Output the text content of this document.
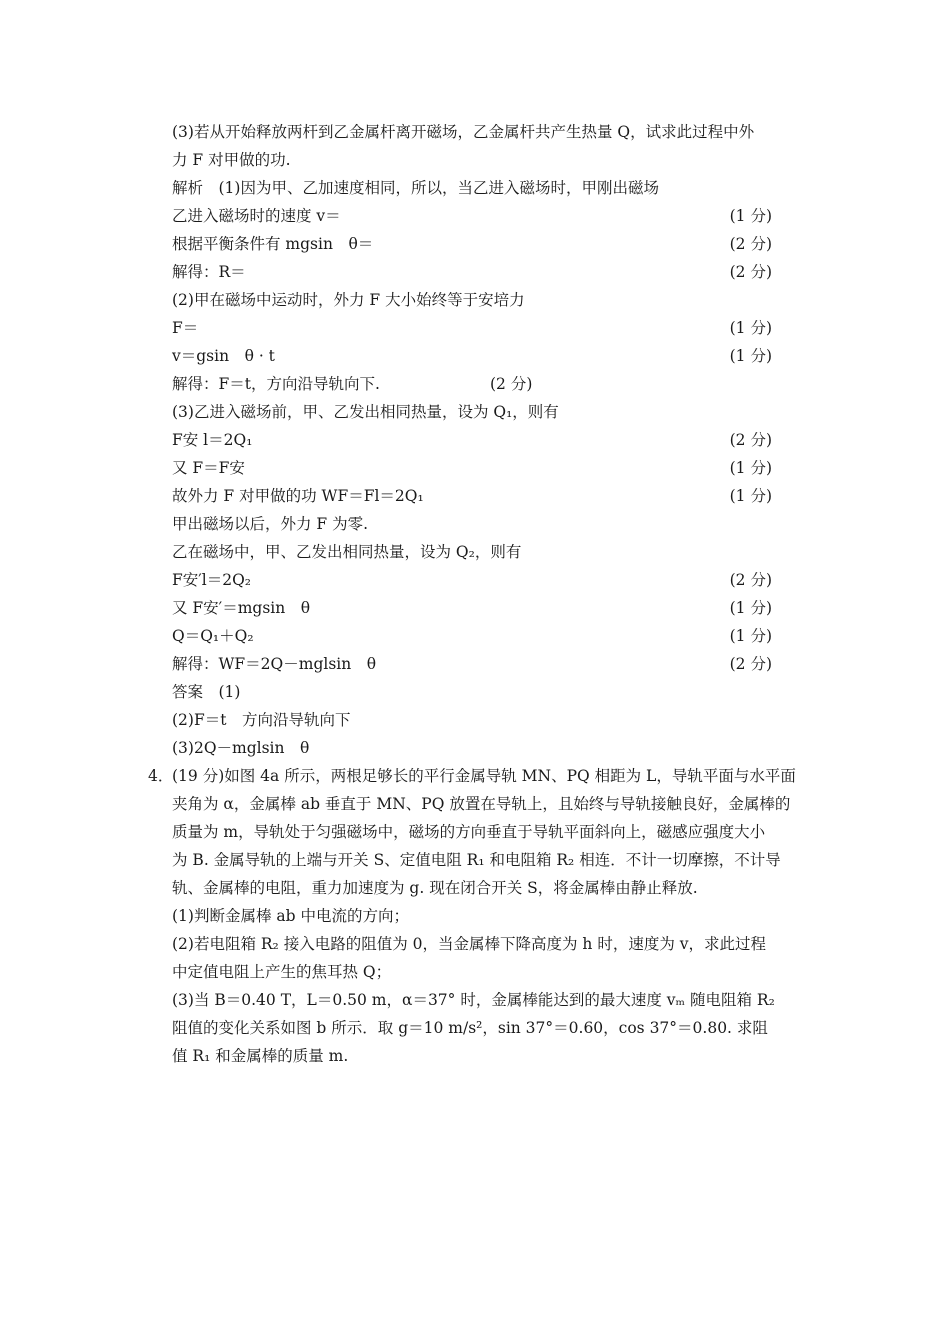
(3)若从开始释放两杆到乙金属杆离开磁场，乙金属杆共产生热量 Q，试求此过程中外
力 F 对甲做的功.
解析　(1)因为甲、乙加速度相同，所以，当乙进入磁场时，甲刚出磁场
乙进入磁场时的速度 v＝	(1 分)
根据平衡条件有 mgsin　θ＝	(2 分)
解得：R＝	(2 分)
(2)甲在磁场中运动时，外力 F 大小始终等于安培力
F＝	(1 分)
v＝gsin　θ · t	(1 分)
解得：F＝t，方向沿导轨向下.	(2 分)
(3)乙进入磁场前，甲、乙发出相同热量，设为 Q₁，则有
F安 l＝2Q₁	(2 分)
又 F＝F安	(1 分)
故外力 F 对甲做的功 WF＝Fl＝2Q₁	(1 分)
甲出磁场以后，外力 F 为零.
乙在磁场中，甲、乙发出相同热量，设为 Q₂，则有
F安′l＝2Q₂	(2 分)
又 F安′＝mgsin　θ	(1 分)
Q＝Q₁＋Q₂	(1 分)
解得：WF＝2Q－mglsin　θ	(2 分)
答案　(1)
(2)F＝t　方向沿导轨向下
(3)2Q－mglsin　θ
4．
(19 分)如图 4a 所示，两根足够长的平行金属导轨 MN、PQ 相距为 L，导轨平面与水平面
夹角为 α，金属棒 ab 垂直于 MN、PQ 放置在导轨上，且始终与导轨接触良好，金属棒的
质量为 m，导轨处于匀强磁场中，磁场的方向垂直于导轨平面斜向上，磁感应强度大小
为 B. 金属导轨的上端与开关 S、定值电阻 R₁ 和电阻箱 R₂ 相连．不计一切摩擦，不计导
轨、金属棒的电阻，重力加速度为 g. 现在闭合开关 S，将金属棒由静止释放.
(1)判断金属棒 ab 中电流的方向；
(2)若电阻箱 R₂ 接入电路的阻值为 0，当金属棒下降高度为 h 时，速度为 v，求此过程
中定值电阻上产生的焦耳热 Q；
(3)当 B＝0.40 T，L＝0.50 m，α＝37° 时，金属棒能达到的最大速度 vₘ 随电阻箱 R₂
阻值的变化关系如图 b 所示．取 g＝10 m/s²，sin 37°＝0.60，cos 37°＝0.80. 求阻
值 R₁ 和金属棒的质量 m.
